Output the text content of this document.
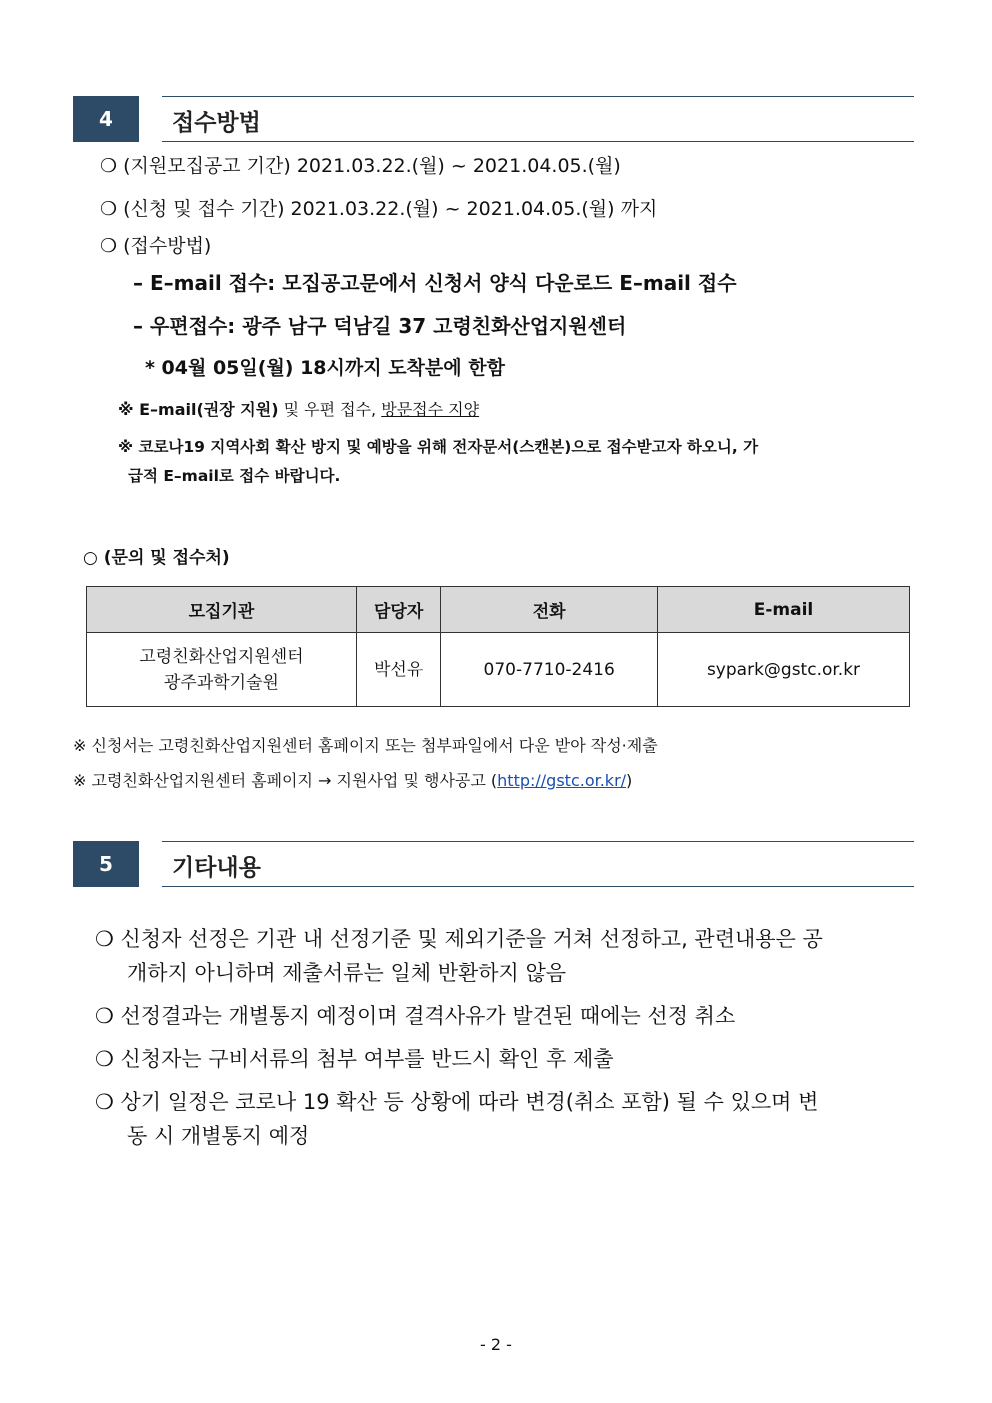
4	접수방법
❍ (지원모집공고 기간) 2021.03.22.(월) ~ 2021.04.05.(월)
❍ (신청 및 접수 기간) 2021.03.22.(월) ~ 2021.04.05.(월) 까지
❍ (접수방법)
– E–mail 접수: 모집공고문에서 신청서 양식 다운로드 E–mail 접수
– 우편접수: 광주 남구 덕남길 37 고령친화산업지원센터
* 04월 05일(월) 18시까지 도착분에 한함
※ E–mail(권장 지원) 및 우편 접수, 방문접수 지양
※ 코로나19 지역사회 확산 방지 및 예방을 위해 전자문서(스캔본)으로 접수받고자 하오니, 가
급적 E–mail로 접수 바랍니다.
○ (문의 및 접수처)
모집기관	담당자	전화	E-mail

고령친화산업지원센터
광주과학기술원	박선유	070-7710-2416	sypark@gstc.or.kr
※ 신청서는 고령친화산업지원센터 홈페이지 또는 첨부파일에서 다운 받아 작성·제출
※ 고령친화산업지원센터 홈페이지 → 지원사업 및 행사공고 (http://gstc.or.kr/)
5	기타내용
❍ 신청자 선정은 기관 내 선정기준 및 제외기준을 거쳐 선정하고, 관련내용은 공
개하지 아니하며 제출서류는 일체 반환하지 않음
❍ 선정결과는 개별통지 예정이며 결격사유가 발견된 때에는 선정 취소
❍ 신청자는 구비서류의 첨부 여부를 반드시 확인 후 제출
❍ 상기 일정은 코로나 19 확산 등 상황에 따라 변경(취소 포함) 될 수 있으며 변
동 시 개별통지 예정
- 2 -
